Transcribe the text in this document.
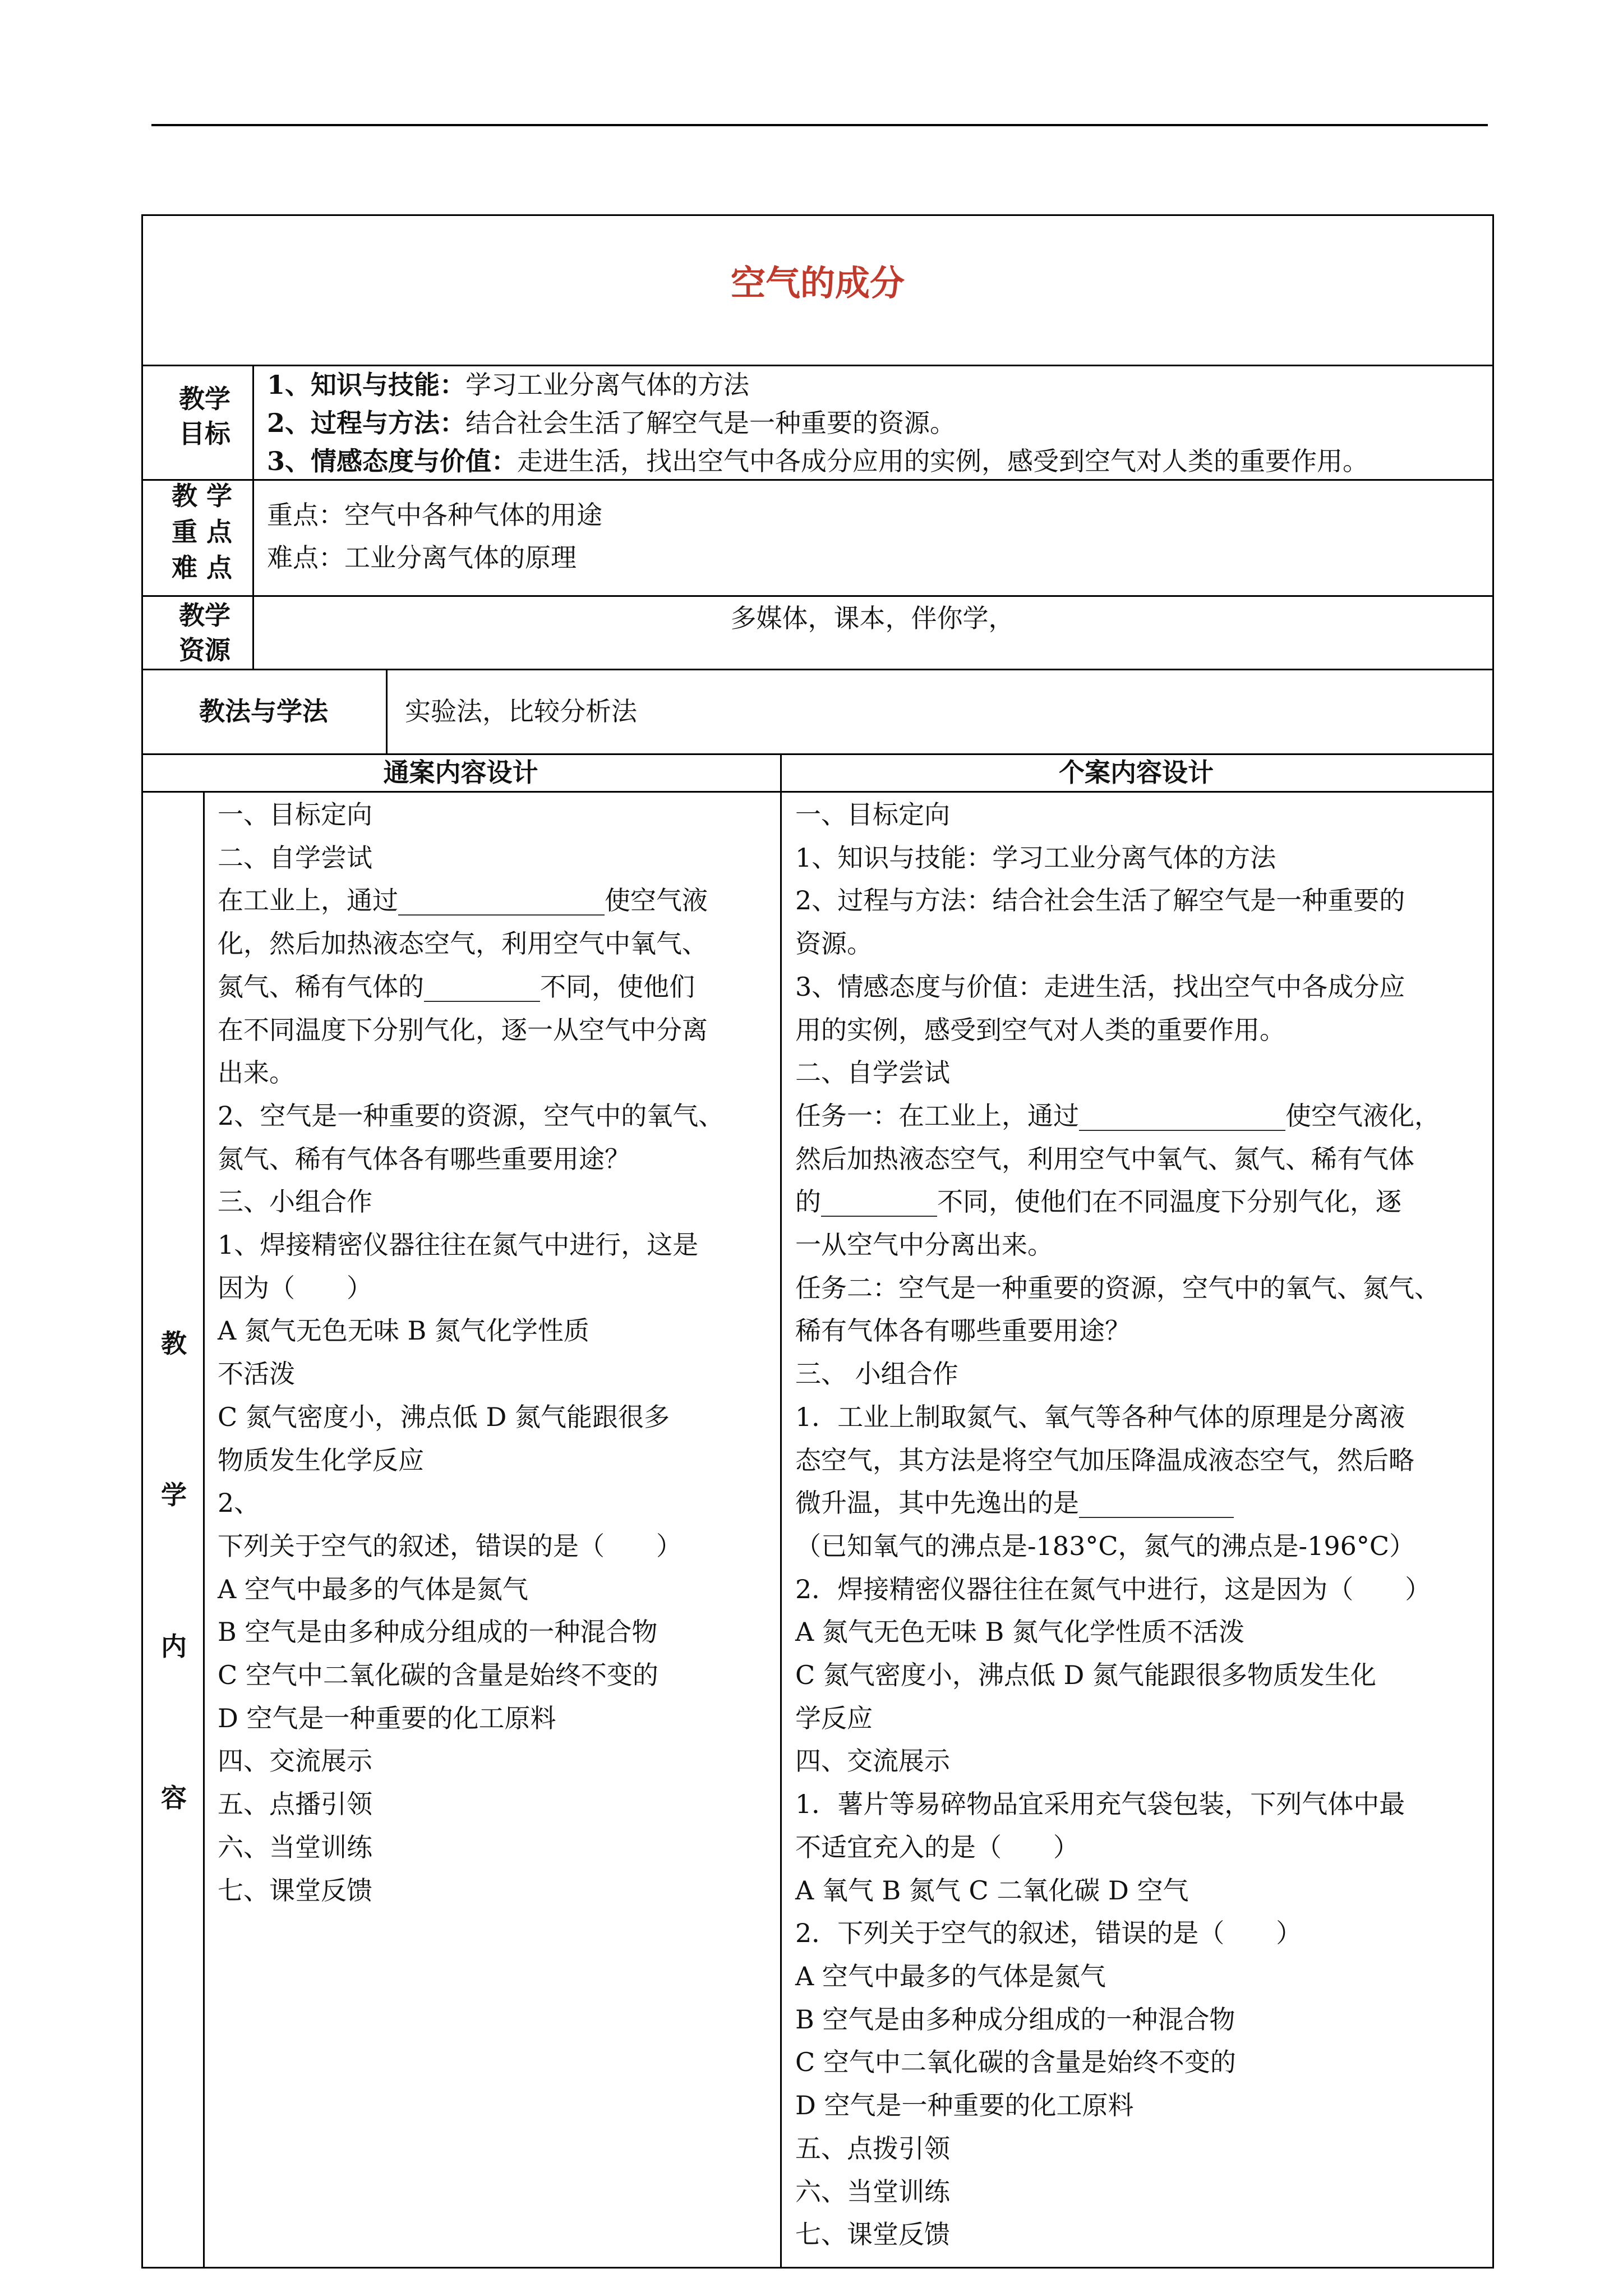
空气的成分
教学目标
1、知识与技能：学习工业分离气体的方法
2、过程与方法：结合社会生活了解空气是一种重要的资源。
3、情感态度与价值：走进生活，找出空气中各成分应用的实例，感受到空气对人类的重要作用。
教 学 重 点 难 点
重点：空气中各种气体的用途
难点：工业分离气体的原理
教学资源
多媒体，课本，伴你学，
教法与学法	实验法，比较分析法
通案内容设计	个案内容设计
教 学 内 容
一、目标定向
二、自学尝试
在工业上，通过________________使空气液
化，然后加热液态空气，利用空气中氧气、
氮气、稀有气体的_________不同，使他们
在不同温度下分别气化，逐一从空气中分离
出来。
2、空气是一种重要的资源，空气中的氧气、
氮气、稀有气体各有哪些重要用途？
三、小组合作
1、焊接精密仪器往往在氮气中进行，这是
因为（　　）
A 氮气无色无味 B 氮气化学性质
不活泼
C 氮气密度小，沸点低 D 氮气能跟很多
物质发生化学反应
2、
下列关于空气的叙述，错误的是（　　）
A 空气中最多的气体是氮气
B 空气是由多种成分组成的一种混合物
C 空气中二氧化碳的含量是始终不变的
D 空气是一种重要的化工原料
四、交流展示
五、点播引领
六、当堂训练
七、课堂反馈
一、目标定向
1、知识与技能：学习工业分离气体的方法
2、过程与方法：结合社会生活了解空气是一种重要的
资源。
3、情感态度与价值：走进生活，找出空气中各成分应
用的实例，感受到空气对人类的重要作用。
二、自学尝试
任务一：在工业上，通过________________使空气液化，
然后加热液态空气，利用空气中氧气、氮气、稀有气体
的_________不同，使他们在不同温度下分别气化，逐
一从空气中分离出来。
任务二：空气是一种重要的资源，空气中的氧气、氮气、
稀有气体各有哪些重要用途？
三、 小组合作
1．工业上制取氮气、氧气等各种气体的原理是分离液
态空气，其方法是将空气加压降温成液态空气，然后略
微升温，其中先逸出的是____________
（已知氧气的沸点是-183°C，氮气的沸点是-196°C）
2．焊接精密仪器往往在氮气中进行，这是因为（　　）
A 氮气无色无味 B 氮气化学性质不活泼
C 氮气密度小，沸点低 D 氮气能跟很多物质发生化
学反应
四、交流展示
1．薯片等易碎物品宜采用充气袋包装，下列气体中最
不适宜充入的是（　　）
A 氧气 B 氮气 C 二氧化碳 D 空气
2．下列关于空气的叙述，错误的是（　　）
A 空气中最多的气体是氮气
B 空气是由多种成分组成的一种混合物
C 空气中二氧化碳的含量是始终不变的
D 空气是一种重要的化工原料
五、点拨引领
六、当堂训练
七、课堂反馈
